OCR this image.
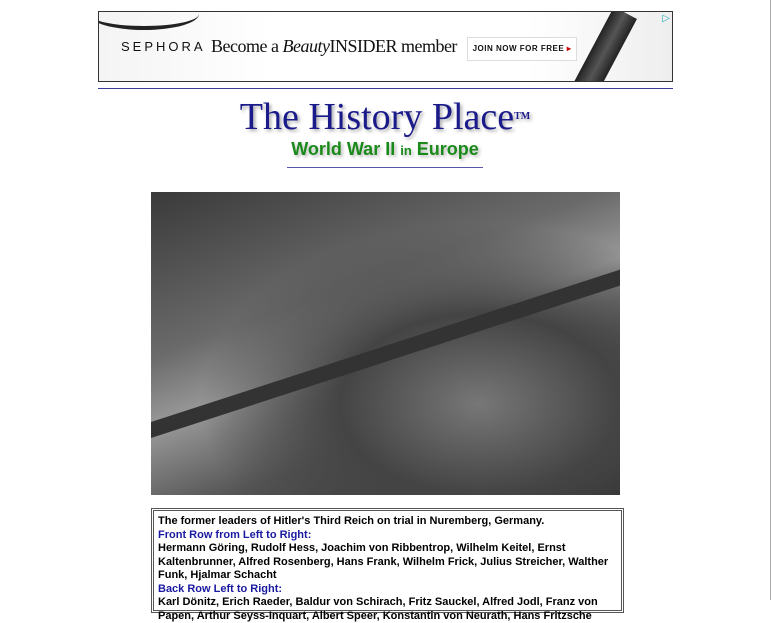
SEPHORA Become a BeautyINSIDER member	JOIN NOW FOR FREE ▸
▷
The History Place™
World War II in Europe
The former leaders of Hitler's Third Reich on trial in Nuremberg, Germany.
Front Row from Left to Right:
Hermann Göring, Rudolf Hess, Joachim von Ribbentrop, Wilhelm Keitel, Ernst Kaltenbrunner, Alfred Rosenberg, Hans Frank, Wilhelm Frick, Julius Streicher, Walther Funk, Hjalmar Schacht
Back Row Left to Right:
Karl Dönitz, Erich Raeder, Baldur von Schirach, Fritz Sauckel, Alfred Jodl, Franz von Papen, Arthur Seyss-Inquart, Albert Speer, Konstantin von Neurath, Hans Fritzsche
